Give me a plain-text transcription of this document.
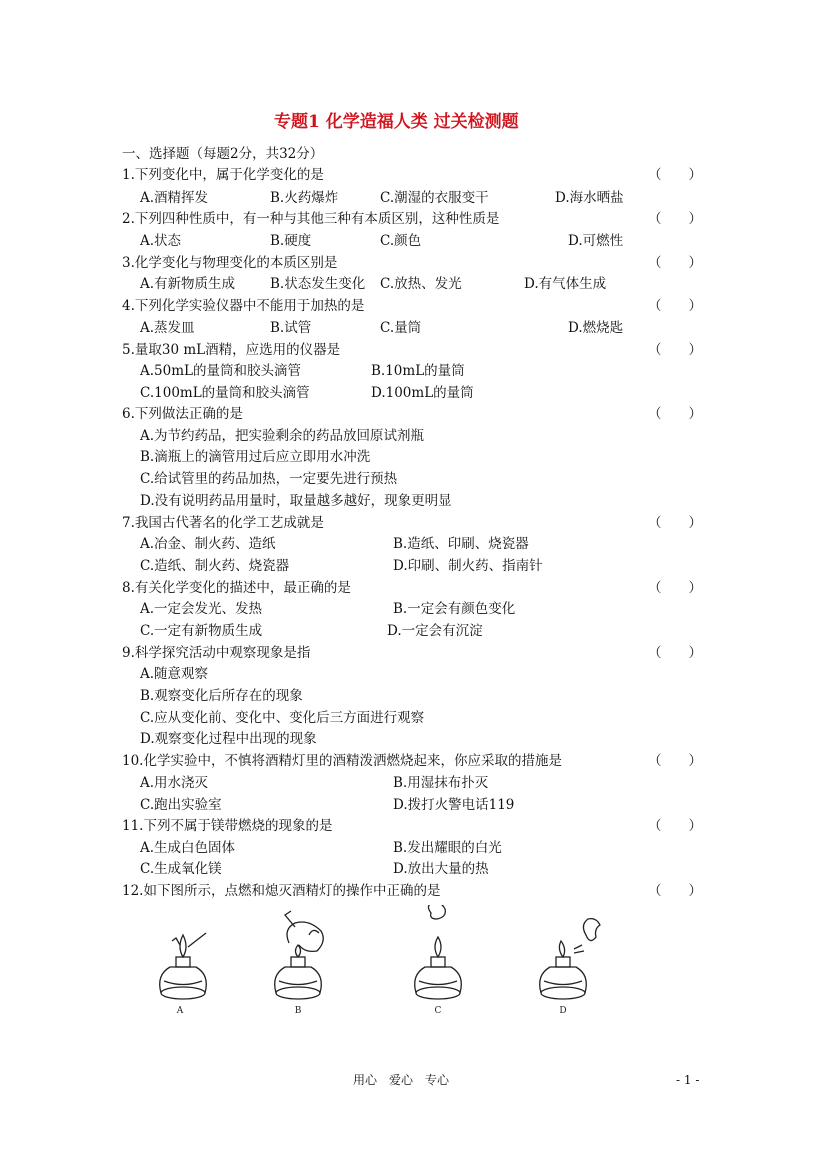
专题1 化学造福人类 过关检测题
一、选择题（每题2分，共32分）
1.下列变化中，属于化学变化的是	（　　）
A.酒精挥发	B.火药爆炸	C.潮湿的衣服变干	D.海水晒盐
2.下列四种性质中，有一种与其他三种有本质区别，这种性质是	（　　）
A.状态	B.硬度	C.颜色	D.可燃性
3.化学变化与物理变化的本质区别是	（　　）
A.有新物质生成	B.状态发生变化 C.放热、发光	D.有气体生成
4.下列化学实验仪器中不能用于加热的是	（　　）
A.蒸发皿	B.试管	C.量筒	D.燃烧匙
5.量取30 mL酒精，应选用的仪器是	（　　）
A.50mL的量筒和胶头滴管	B.10mL的量筒
C.100mL的量筒和胶头滴管	D.100mL的量筒
6.下列做法正确的是	（　　）
A.为节约药品，把实验剩余的药品放回原试剂瓶
B.滴瓶上的滴管用过后应立即用水冲洗
C.给试管里的药品加热，一定要先进行预热
D.没有说明药品用量时，取量越多越好，现象更明显
7.我国古代著名的化学工艺成就是	（　　）
A.冶金、制火药、造纸	B.造纸、印刷、烧瓷器
C.造纸、制火药、烧瓷器	D.印刷、制火药、指南针
8.有关化学变化的描述中，最正确的是	（　　）
A.一定会发光、发热	B.一定会有颜色变化
C.一定有新物质生成	D.一定会有沉淀
9.科学探究活动中观察现象是指	（　　）
A.随意观察
B.观察变化后所存在的现象
C.应从变化前、变化中、变化后三方面进行观察
D.观察变化过程中出现的现象
10.化学实验中，不慎将酒精灯里的酒精泼洒燃烧起来，你应采取的措施是	（　　）
A.用水浇灭	B.用湿抹布扑灭
C.跑出实验室	D.拨打火警电话119
11.下列不属于镁带燃烧的现象的是	（　　）
A.生成白色固体	B.发出耀眼的白光
C.生成氧化镁	D.放出大量的热
12.如下图所示，点燃和熄灭酒精灯的操作中正确的是	（　　）
A	B	C	D
用心　爱心　专心	- 1 -
